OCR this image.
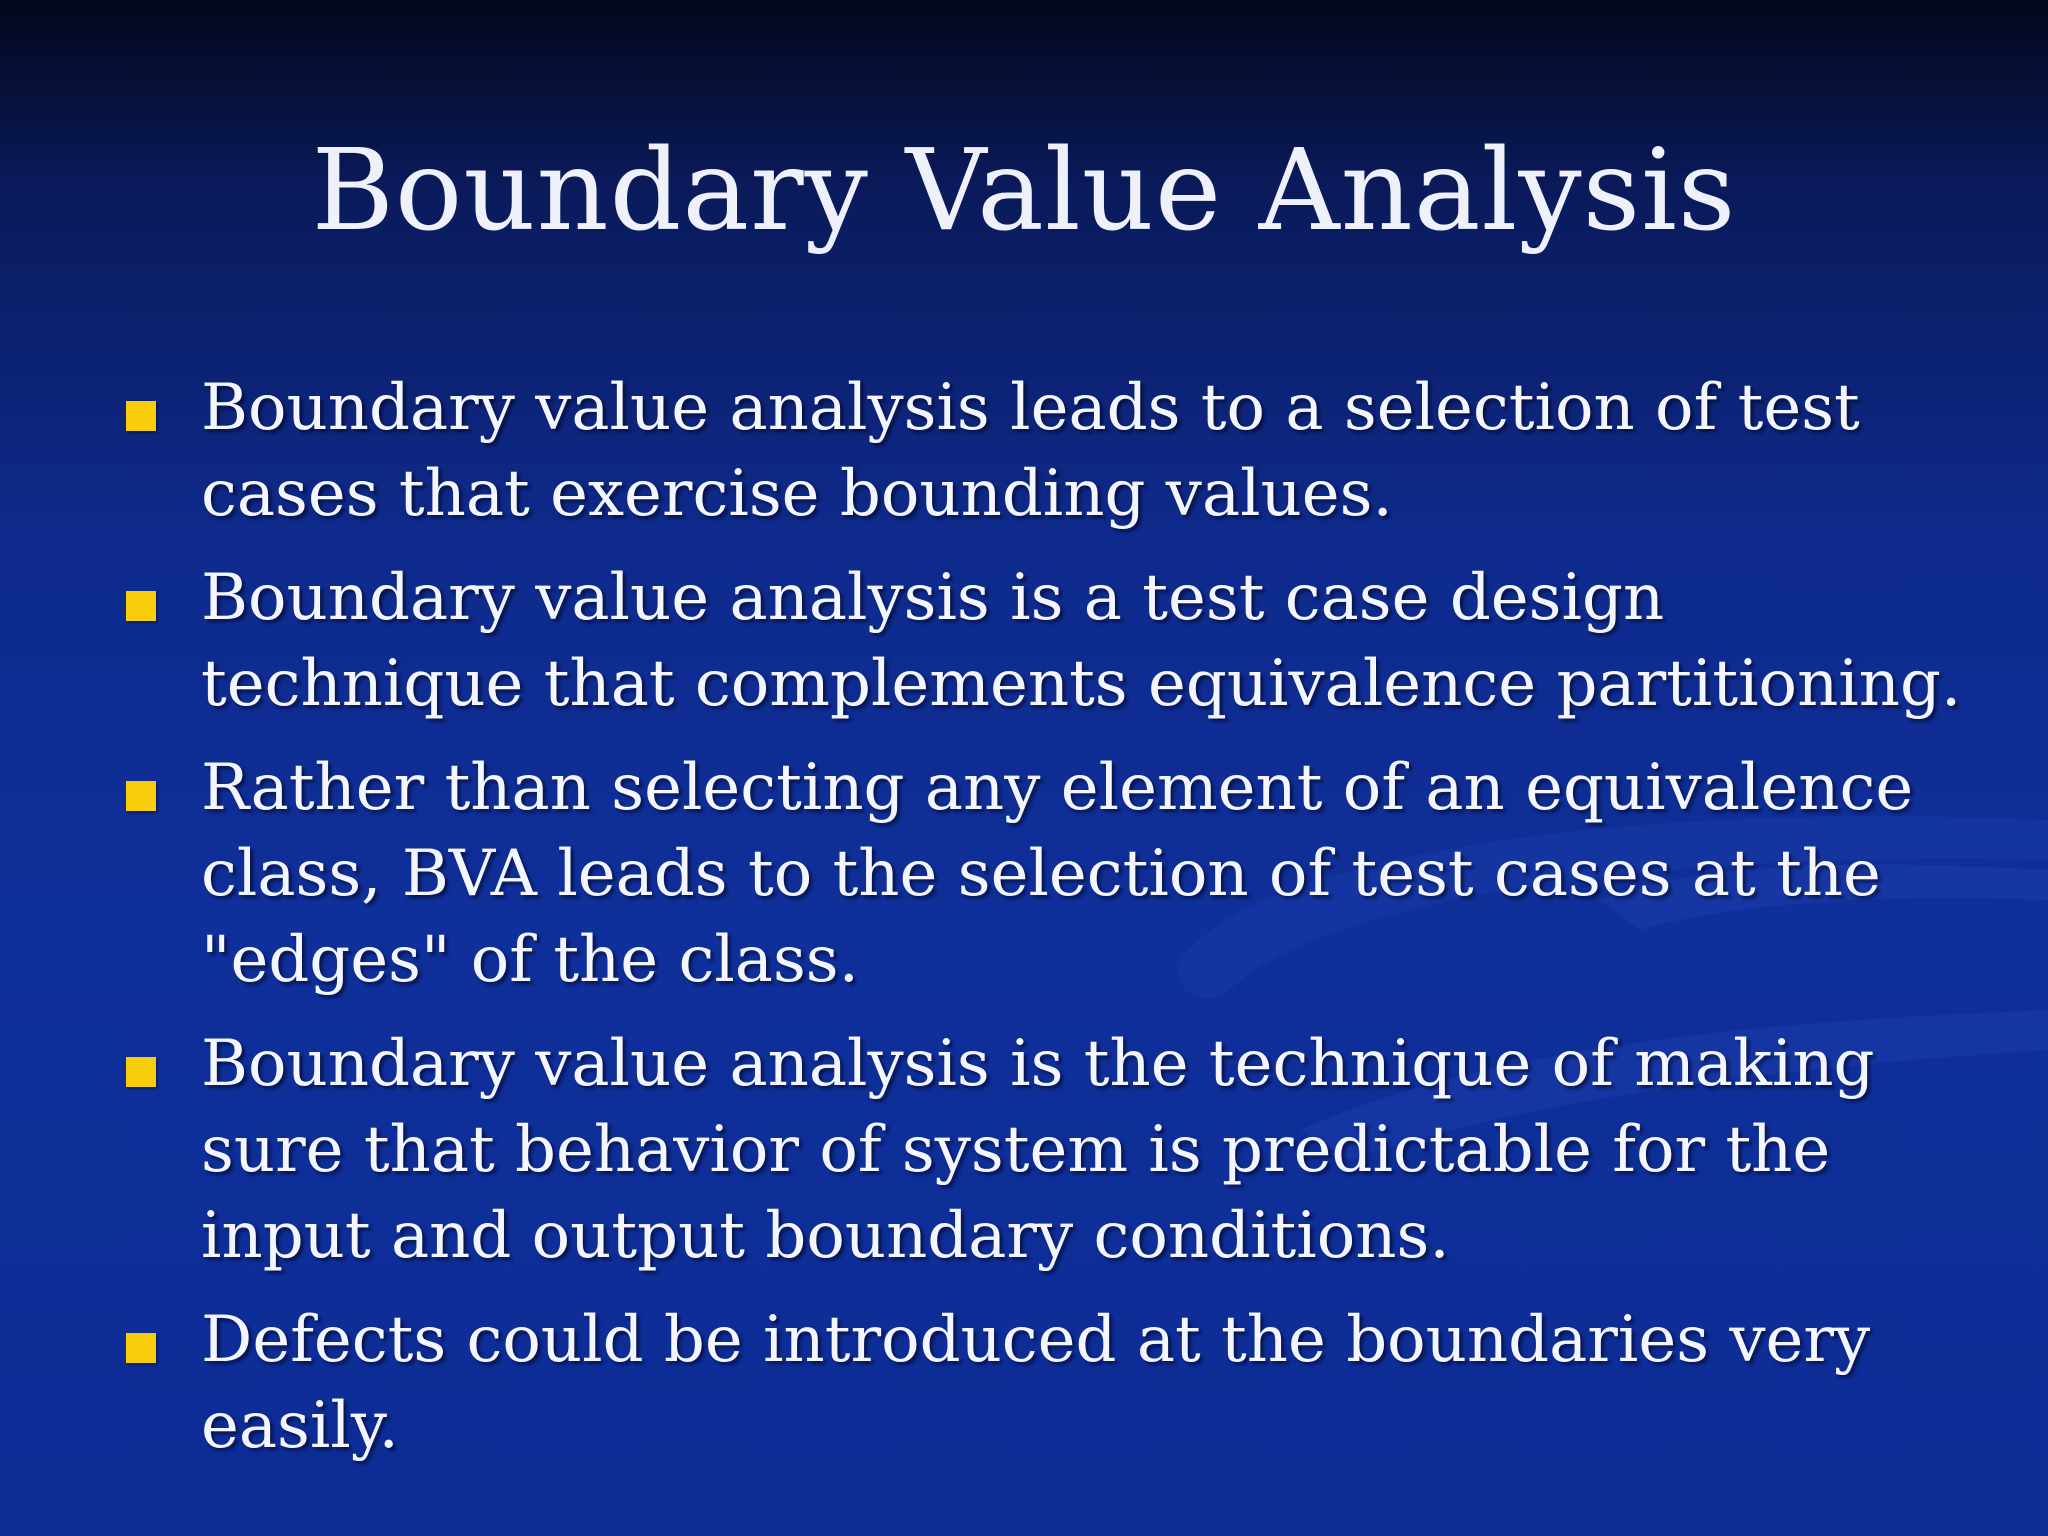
Boundary Value Analysis
Boundary value analysis leads to a selection of test cases that exercise bounding values.
Boundary value analysis is a test case design technique that complements equivalence partitioning.
Rather than selecting any element of an equivalence class, BVA leads to the selection of test cases at the "edges" of the class.
Boundary value analysis is the technique of making sure that behavior of system is predictable for the input and output boundary conditions.
Defects could be introduced at the boundaries very easily.
